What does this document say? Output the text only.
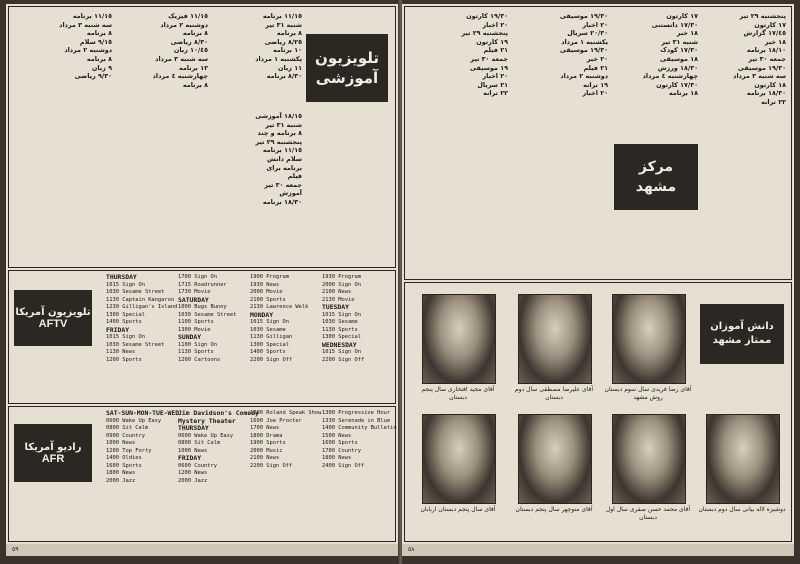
تلويزيون آموزشی
١٨/١٥ آموزشی
شنبه ٣١ تير
٨ برنامه و چند
پنجشنبه ٢٩ تير
١١/١٥ برنامه
سلام دانش
برنامه برای
فيلم
جمعه ٣٠ تير
آموزش
١٨/٣٠ برنامه
١١/١٥ برنامه
شنبه ٣١ تير
٨ برنامه
٨/٢٥ رياضی
١٠ برنامه
يكشنبه ١ مرداد
١١ زبان
٨/٣٠ برنامه
١١/١٥ فيزيک
دوشنبه ٢ مرداد
٨ برنامه
٨/٣٠ رياضی
١٠/٤٥ زبان
سه شنبه ٣ مرداد
١٢ برنامه
چهارشنبه ٤ مرداد
٨ برنامه
١١/١٥ برنامه
سه شنبه ٣ مرداد
٨ برنامه
٩/١٥ سلام
دوشنبه ٢ مرداد
٨ برنامه
٩ زبان
٩/٣٠ رياضی
تلويزيون آمريكا
AFTV
THURSDAY
1015 Sign On
1030 Sesame Street
1130 Captain Kangaroo
1230 Gilligan's Island
1300 Special
1400 Sports
FRIDAY
1015 Sign On
1030 Sesame Street
1130 News
1200 Sports
1700 Sign On
1715 Roadrunner
1730 Movie
SATURDAY
1000 Bugs Bunny
1030 Sesame Street
1100 Sports
1300 Movie
SUNDAY
1100 Sign On
1130 Sports
1200 Cartoons
1900 Program
1930 News
2000 Movie
2100 Sports
2130 Lawrence Welk
MONDAY
1015 Sign On
1030 Sesame
1130 Gilligan
1300 Special
1400 Sports
2200 Sign Off
1930 Program
2000 Sign On
2100 News
2130 Movie
TUESDAY
1015 Sign On
1030 Sesame
1130 Sports
1300 Special
WEDNESDAY
1015 Sign On
2200 Sign Off
راديو آمريكا
AFR
SAT-SUN-MON-TUE-WED
0600 Wake Up Easy
0800 Sit Calm
0900 Country
1000 News
1200 Top Forty
1400 Oldies
1600 Sports
1800 News
2000 Jazz
Jim Davidson's Comedy
Mystery Theater
THURSDAY
0600 Wake Up Easy
0800 Sit Calm
1000 News
FRIDAY
0600 Country
1200 News
2000 Jazz
1500 Roland Speak Show
1600 Joe Procter
1700 News
1800 Drama
1900 Sports
2000 Music
2100 News
2200 Sign Off
1300 Progressive Hour
1330 Serenade in Blue
1400 Community Bulletin
1500 News
1600 Sports
1700 Country
1800 News
2400 Sign Off
٥٩
مركز مشهد
پنجشنبه ٢٩ تير
١٧ كارتون
١٧/٤٥ گزارش
١٨ خبر
١٨/١٠ برنامه
جمعه ٣٠ تير
١٩/٣٠ موسيقی
سه شنبه ٣ مرداد
١٨ كارتون
١٨/٣٠ برنامه
٢٢ ترانه
١٧ كارتون
١٧/٣٠ دانستنی
١٨ خبر
شنبه ٣١ تير
١٧/٣٠ كودک
١٨ موسيقی
١٨/٣٠ ورزش
چهارشنبه ٤ مرداد
١٧/٣٠ كارتون
١٨ برنامه
١٩/٣٠ موسيقی
٢٠ اخبار
٢٠/٣٠ سريال
يكشنبه ١ مرداد
١٩/٣٠ موسيقی
٢٠ خبر
٢١ فيلم
دوشنبه ٢ مرداد
١٩ ترانه
٢٠ اخبار
١٩/٣٠ كارتون
٢٠ اخبار
پنجشنبه ٢٩ تير
١٩ كارتون
٢١ فيلم
جمعه ٣٠ تير
١٩ موسيقی
٢٠ اخبار
٢١ سريال
٢٢ ترانه
دانش آموزان ممتاز مشهد
آقای رضا فريدی سال سوم دبستان روش مشهد
آقای عليرضا مصطفی سال دوم دبستان
آقای مجيد افتخاری سال پنجم دبستان
دوشيزه لاله بيانی سال دوم دبستان
آقای محمد حسن صفری سال اول دبستان
آقای منوچهر سال پنجم دبستان
آقای سال پنجم دبستان اربابان
٥٨
